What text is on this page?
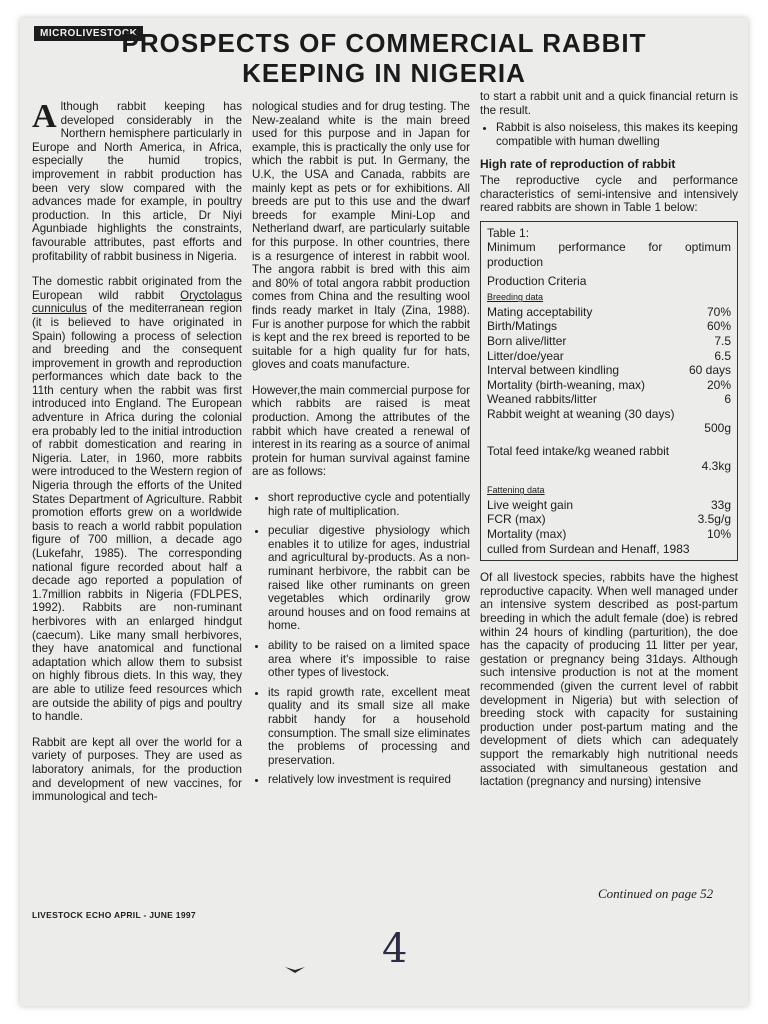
MICROLIVESTOCK
PROSPECTS OF COMMERCIAL RABBIT
KEEPING IN NIGERIA

A lthough rabbit keeping has developed considerably in the Northern hemisphere particularly in Europe and North America, in Africa, especially the humid tropics, improvement in rabbit production has been very slow compared with the advances made for example, in poultry production. In this article, Dr Niyi Agunbiade highlights the constraints, favourable attributes, past efforts and profitability of rabbit business in Nigeria.

The domestic rabbit originated from the European wild rabbit Oryctolagus cunniculus of the mediterranean region (it is believed to have originated in Spain) following a process of selection and breeding and the consequent improvement in growth and reproduction performances which date back to the 11th century when the rabbit was first introduced into England. The European adventure in Africa during the colonial era probably led to the initial introduction of rabbit domestication and rearing in Nigeria. Later, in 1960, more rabbits were introduced to the Western region of Nigeria through the efforts of the United States Department of Agriculture. Rabbit promotion efforts grew on a worldwide basis to reach a world rabbit population figure of 700 million, a decade ago (Lukefahr, 1985). The corresponding national figure recorded about half a decade ago reported a population of 1.7million rabbits in Nigeria (FDLPES, 1992). Rabbits are non-ruminant herbivores with an enlarged hindgut (caecum). Like many small herbivores, they have anatomical and functional adaptation which allow them to subsist on highly fibrous diets. In this way, they are able to utilize feed resources which are outside the ability of pigs and poultry to handle.

Rabbit are kept all over the world for a variety of purposes. They are used as laboratory animals, for the production and development of new vaccines, for immunological and tech-

nological studies and for drug testing. The New-zealand white is the main breed used for this purpose and in Japan for example, this is practically the only use for which the rabbit is put. In Germany, the U.K, the USA and Canada, rabbits are mainly kept as pets or for exhibitions. All breeds are put to this use and the dwarf breeds for example Mini-Lop and Netherland dwarf, are particularly suitable for this purpose. In other countries, there is a resurgence of interest in rabbit wool. The angora rabbit is bred with this aim and 80% of total angora rabbit production comes from China and the resulting wool finds ready market in Italy (Zina, 1988). Fur is another purpose for which the rabbit is kept and the rex breed is reported to be suitable for a high quality fur for hats, gloves and coats manufacture.

However,the main commercial purpose for which rabbits are raised is meat production. Among the attributes of the rabbit which have created a renewal of interest in its rearing as a source of animal protein for human survival against famine are as follows:

• short reproductive cycle and potentially high rate of multiplication.
• peculiar digestive physiology which enables it to utilize for ages, industrial and agricultural by-products. As a non-ruminant herbivore, the rabbit can be raised like other ruminants on green vegetables which ordinarily grow around houses and on food remains at home.
• ability to be raised on a limited space area where it's impossible to raise other types of livestock.
• its rapid growth rate, excellent meat quality and its small size all make rabbit handy for a household consumption. The small size eliminates the problems of processing and preservation.
• relatively low investment is required

to start a rabbit unit and a quick financial return is the result.

• Rabbit is also noiseless, this makes its keeping compatible with human dwelling
High rate of reproduction of rabbit

The reproductive cycle and performance characteristics of semi-intensive and intensively reared rabbits are shown in Table 1 below:

Table 1:
Minimum performance for optimum production
Production Criteria
Breeding data
Mating acceptability	70%
Birth/Matings	60%
Born alive/litter	7.5
Litter/doe/year	6.5
Interval between kindling	60 days
Mortality (birth-weaning, max)	20%
Weaned rabbits/litter	6
Rabbit weight at weaning (30 days)
500g
Total feed intake/kg weaned rabbit
4.3kg
Fattening data
Live weight gain	33g
FCR (max)	3.5g/g
Mortality (max)	10%
culled from Surdean and Henaff, 1983

Of all livestock species, rabbits have the highest reproductive capacity. When well managed under an intensive system described as post-partum breeding in which the adult female (doe) is rebred within 24 hours of kindling (parturition), the doe has the capacity of producing 11 litter per year, gestation or pregnancy being 31days. Although such intensive production is not at the moment recommended (given the current level of rabbit development in Nigeria) but with selection of breeding stock with capacity for sustaining production under post-partum mating and the development of diets which can adequately support the remarkably high nutritional needs associated with simultaneous gestation and lactation (pregnancy and nursing) intensive

Continued on page 52
LIVESTOCK ECHO APRIL - JUNE 1997
4
